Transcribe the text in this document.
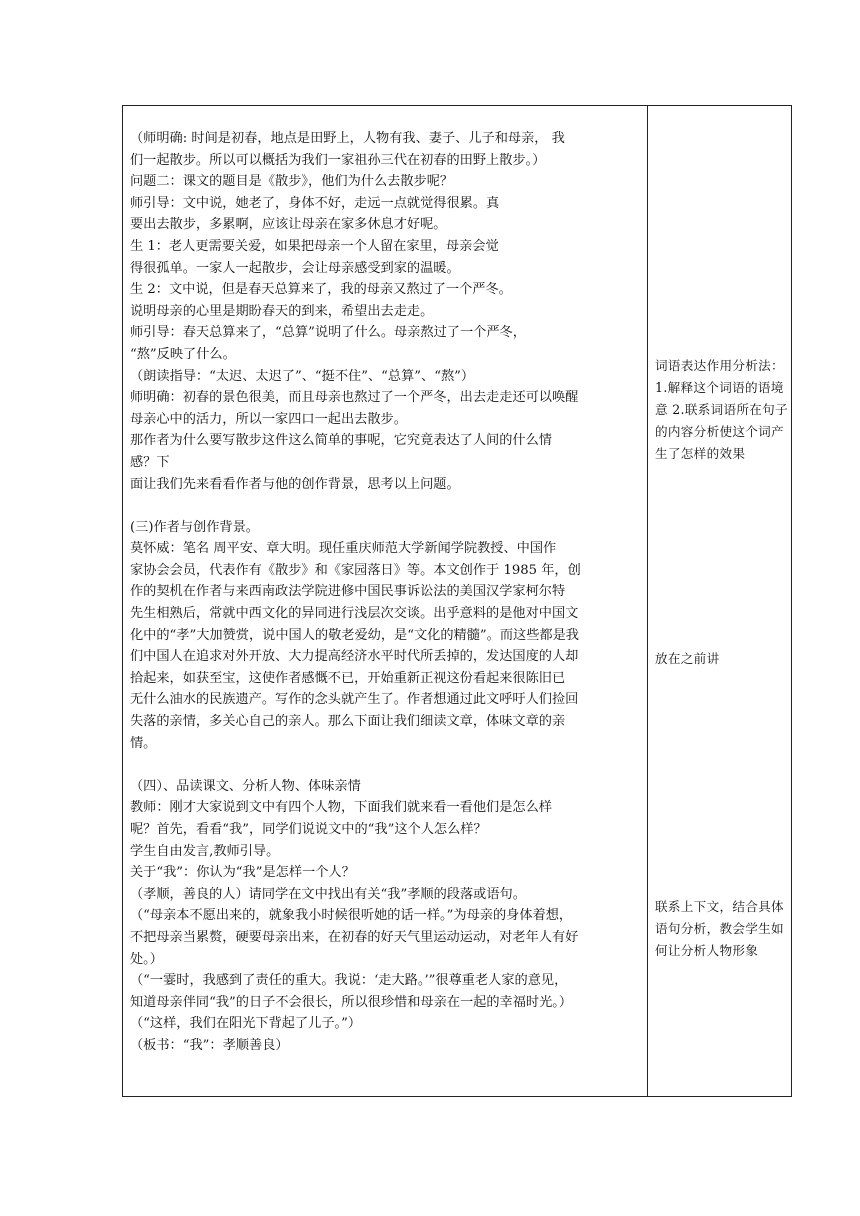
（师明确: 时间是初春，地点是田野上，人物有我、妻子、儿子和母亲， 我
们一起散步。所以可以概括为我们一家祖孙三代在初春的田野上散步。）
问题二：课文的题目是《散步》，他们为什么去散步呢？
师引导：文中说，她老了，身体不好，走远一点就觉得很累。真
要出去散步，多累啊，应该让母亲在家多休息才好呢。
生 1：老人更需要关爱，如果把母亲一个人留在家里，母亲会觉
得很孤单。一家人一起散步，会让母亲感受到家的温暖。
生 2：文中说，但是春天总算来了，我的母亲又熬过了一个严冬。
说明母亲的心里是期盼春天的到来，希望出去走走。
师引导：春天总算来了，“总算”说明了什么。母亲熬过了一个严冬，
“熬”反映了什么。
（朗读指导：“太迟、太迟了”、“挺不住”、“总算”、“熬”）
师明确：初春的景色很美，而且母亲也熬过了一个严冬，出去走走还可以唤醒
母亲心中的活力，所以一家四口一起出去散步。
那作者为什么要写散步这件这么简单的事呢，它究竟表达了人间的什么情
感？下
面让我们先来看看作者与他的创作背景，思考以上问题。
(三)作者与创作背景。
莫怀威：笔名 周平安、章大明。现任重庆师范大学新闻学院教授、中国作
家协会会员，代表作有《散步》和《家园落日》等。本文创作于 1985 年，创
作的契机在作者与来西南政法学院进修中国民事诉讼法的美国汉学家柯尔特
先生相熟后，常就中西文化的异同进行浅层次交谈。出乎意料的是他对中国文
化中的“孝”大加赞赏，说中国人的敬老爱幼，是“文化的精髓”。而这些都是我
们中国人在追求对外开放、大力提高经济水平时代所丢掉的，发达国度的人却
拾起来，如获至宝，这使作者感慨不已，开始重新正视这份看起来很陈旧已
无什么油水的民族遗产。写作的念头就产生了。作者想通过此文呼吁人们捡回
失落的亲情，多关心自己的亲人。那么下面让我们细读文章，体味文章的亲
情。
（四）、品读课文、分析人物、体味亲情
教师：刚才大家说到文中有四个人物，下面我们就来看一看他们是怎么样
呢？首先，看看“我”，同学们说说文中的“我”这个人怎么样？
学生自由发言,教师引导。
关于“我”：你认为“我”是怎样一个人？
（孝顺，善良的人）请同学在文中找出有关“我”孝顺的段落或语句。
（“母亲本不愿出来的，就象我小时候很听她的话一样。”为母亲的身体着想，
不把母亲当累赘，硬要母亲出来，在初春的好天气里运动运动，对老年人有好
处。）
（“一霎时，我感到了责任的重大。我说：‘走大路。’”很尊重老人家的意见，
知道母亲伴同“我”的日子不会很长，所以很珍惜和母亲在一起的幸福时光。）
（“这样，我们在阳光下背起了儿子。”）
（板书：“我”：孝顺善良）
词语表达作用分析法：
1.解释这个词语的语境
意 2.联系词语所在句子
的内容分析使这个词产
生了怎样的效果
放在之前讲
联系上下文，结合具体
语句分析，教会学生如
何让分析人物形象
